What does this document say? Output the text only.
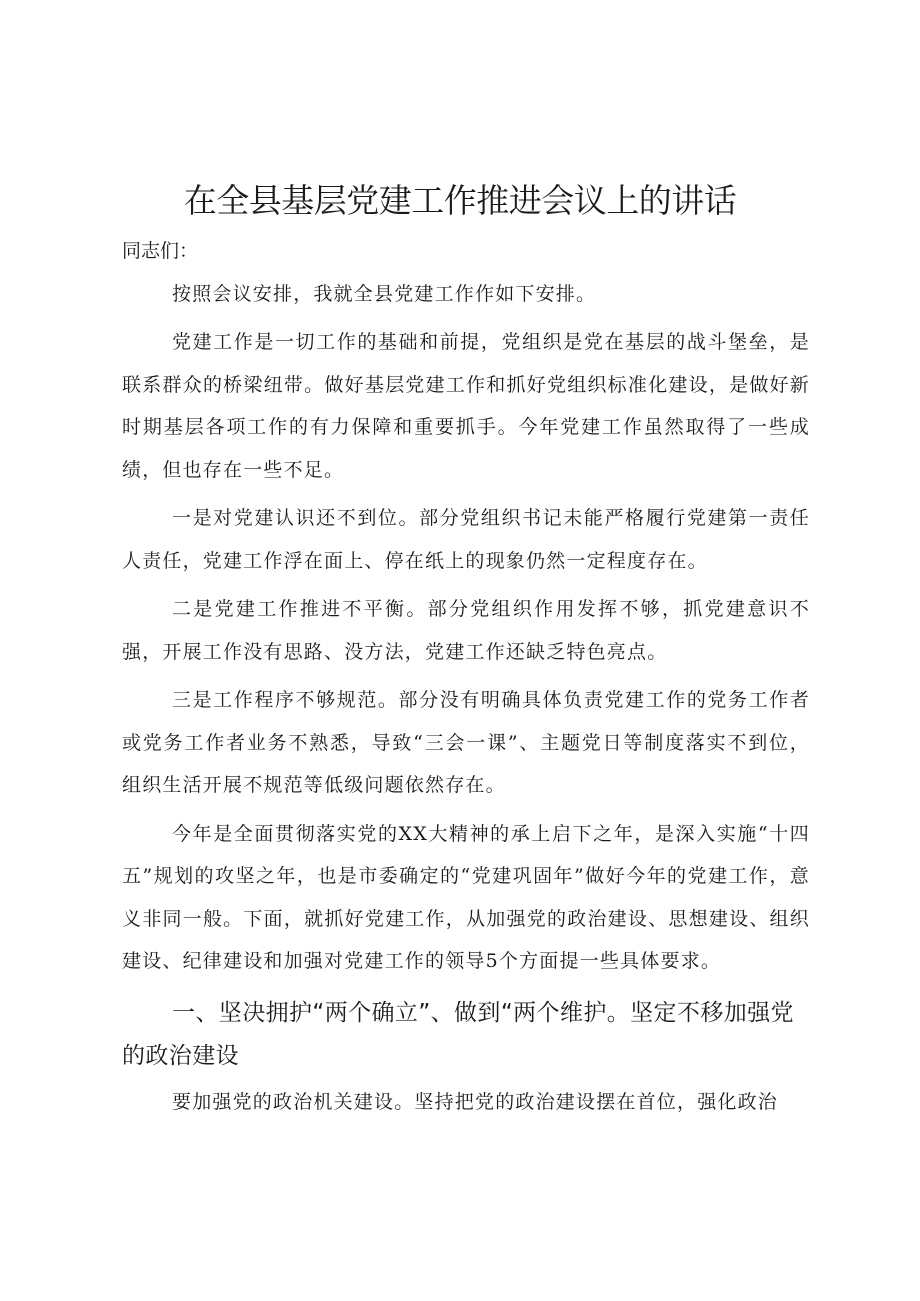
在全县基层党建工作推进会议上的讲话

同志们：

按照会议安排，我就全县党建工作作如下安排。

党建工作是一切工作的基础和前提，党组织是党在基层的战斗堡垒，是联系群众的桥梁纽带。做好基层党建工作和抓好党组织标准化建设，是做好新时期基层各项工作的有力保障和重要抓手。今年党建工作虽然取得了一些成绩，但也存在一些不足。

一是对党建认识还不到位。部分党组织书记未能严格履行党建第一责任人责任，党建工作浮在面上、停在纸上的现象仍然一定程度存在。

二是党建工作推进不平衡。部分党组织作用发挥不够，抓党建意识不强，开展工作没有思路、没方法，党建工作还缺乏特色亮点。

三是工作程序不够规范。部分没有明确具体负责党建工作的党务工作者或党务工作者业务不熟悉，导致“三会一课”、主题党日等制度落实不到位，组织生活开展不规范等低级问题依然存在。

今年是全面贯彻落实党的XX大精神的承上启下之年，是深入实施“十四五”规划的攻坚之年，也是市委确定的“党建巩固年”做好今年的党建工作，意义非同一般。下面，就抓好党建工作，从加强党的政治建设、思想建设、组织建设、纪律建设和加强对党建工作的领导5个方面提一些具体要求。

一、坚决拥护“两个确立”、做到“两个维护。坚定不移加强党的政治建设

要加强党的政治机关建设。坚持把党的政治建设摆在首位，强化政治
